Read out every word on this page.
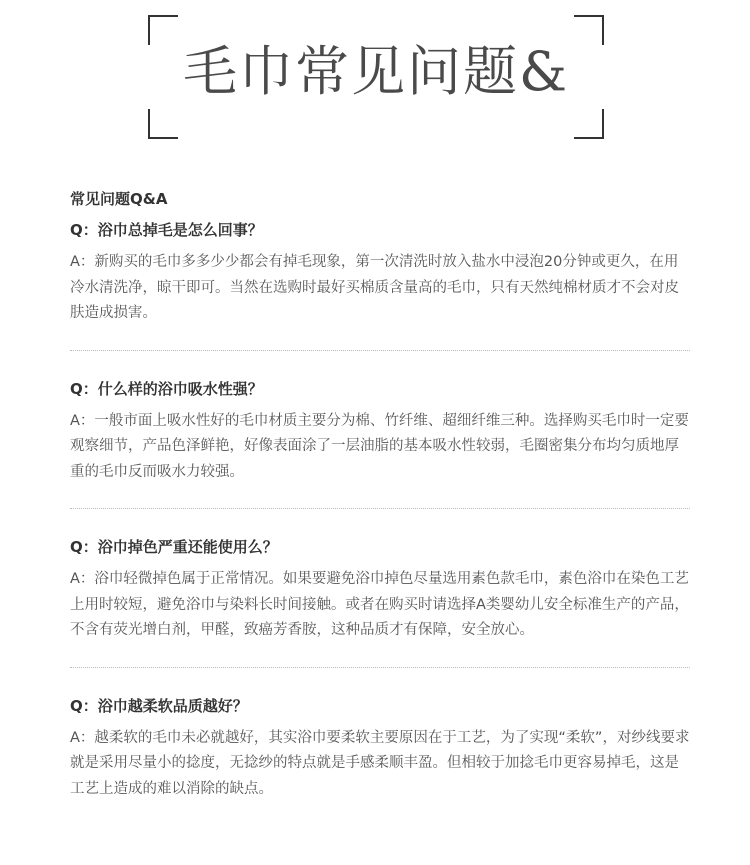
毛巾常见问题&

常见问题Q&A

Q：浴巾总掉毛是怎么回事？

A：新购买的毛巾多多少少都会有掉毛现象，第一次清洗时放入盐水中浸泡20分钟或更久，在用冷水清洗净，晾干即可。当然在选购时最好买棉质含量高的毛巾，只有天然纯棉材质才不会对皮肤造成损害。

Q：什么样的浴巾吸水性强？

A：一般市面上吸水性好的毛巾材质主要分为棉、竹纤维、超细纤维三种。选择购买毛巾时一定要观察细节，产品色泽鲜艳，好像表面涂了一层油脂的基本吸水性较弱，毛圈密集分布均匀质地厚重的毛巾反而吸水力较强。

Q：浴巾掉色严重还能使用么？

A：浴巾轻微掉色属于正常情况。如果要避免浴巾掉色尽量选用素色款毛巾，素色浴巾在染色工艺上用时较短，避免浴巾与染料长时间接触。或者在购买时请选择A类婴幼儿安全标准生产的产品，不含有荧光增白剂，甲醛，致癌芳香胺，这种品质才有保障，安全放心。

Q：浴巾越柔软品质越好？

A：越柔软的毛巾未必就越好，其实浴巾要柔软主要原因在于工艺，为了实现“柔软”，对纱线要求就是采用尽量小的捻度，无捻纱的特点就是手感柔顺丰盈。但相较于加捻毛巾更容易掉毛，这是工艺上造成的难以消除的缺点。
